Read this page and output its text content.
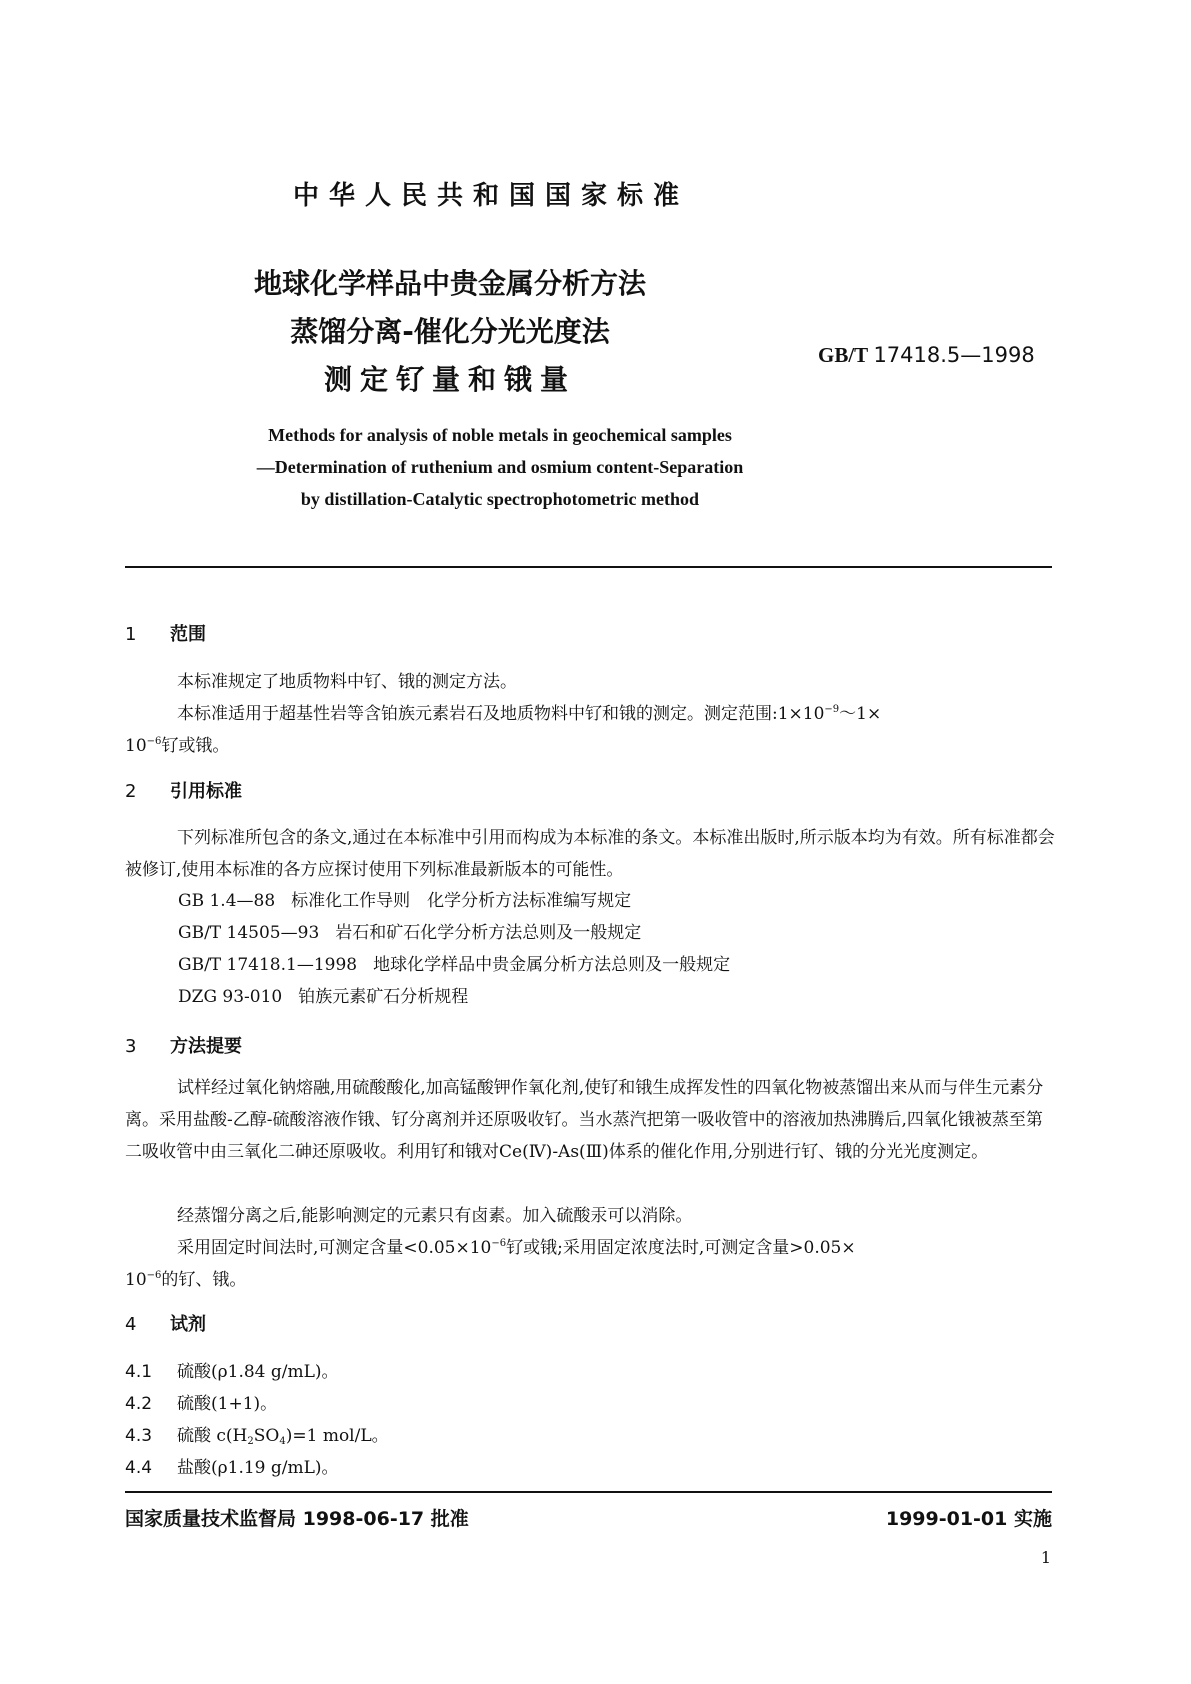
中华人民共和国国家标准
地球化学样品中贵金属分析方法
蒸馏分离-催化分光光度法
测定钌量和锇量
GB/T 17418.5—1998
Methods for analysis of noble metals in geochemical samples
—Determination of ruthenium and osmium content-Separation
by distillation-Catalytic spectrophotometric method
1 范围
本标准规定了地质物料中钌、锇的测定方法。
本标准适用于超基性岩等含铂族元素岩石及地质物料中钌和锇的测定。测定范围$:1\times 10^{-9}\sim 1\times$
$10^{-6}$钌或锇。
2 引用标准
下列标准所包含的条文,通过在本标准中引用而构成为本标准的条文。本标准出版时,所示版本均为有效。所有标准都会被修订,使用本标准的各方应探讨使用下列标准最新版本的可能性。
GB 1.4—88 标准化工作导则　化学分析方法标准编写规定
GB/T 14505—93 岩石和矿石化学分析方法总则及一般规定
GB/T 17418.1—1998 地球化学样品中贵金属分析方法总则及一般规定
DZG 93-010 铂族元素矿石分析规程
3 方法提要
试样经过氧化钠熔融,用硫酸酸化,加高锰酸钾作氧化剂,使钌和锇生成挥发性的四氧化物被蒸馏出来从而与伴生元素分离。采用盐酸-乙醇-硫酸溶液作锇、钌分离剂并还原吸收钌。当水蒸汽把第一吸收管中的溶液加热沸腾后,四氧化锇被蒸至第二吸收管中由三氧化二砷还原吸收。利用钌和锇对Ce(Ⅳ)-As(Ⅲ)体系的催化作用,分别进行钌、锇的分光光度测定。
经蒸馏分离之后,能影响测定的元素只有卤素。加入硫酸汞可以消除。
采用固定时间法时,可测定含量$<0.05\times 10^{-6}$钌或锇;采用固定浓度法时,可测定含量>0.05×
$10^{-6}$的钌、锇。
4 试剂
4.1 硫酸(ρ1.84 g/mL)。
4.2 硫酸(1+1)。
4.3 硫酸 $c(H_2SO_4)=1$ mol/L。
4.4 盐酸(ρ1.19 g/mL)。
国家质量技术监督局 1998-06-17 批准	1999-01-01 实施
1
